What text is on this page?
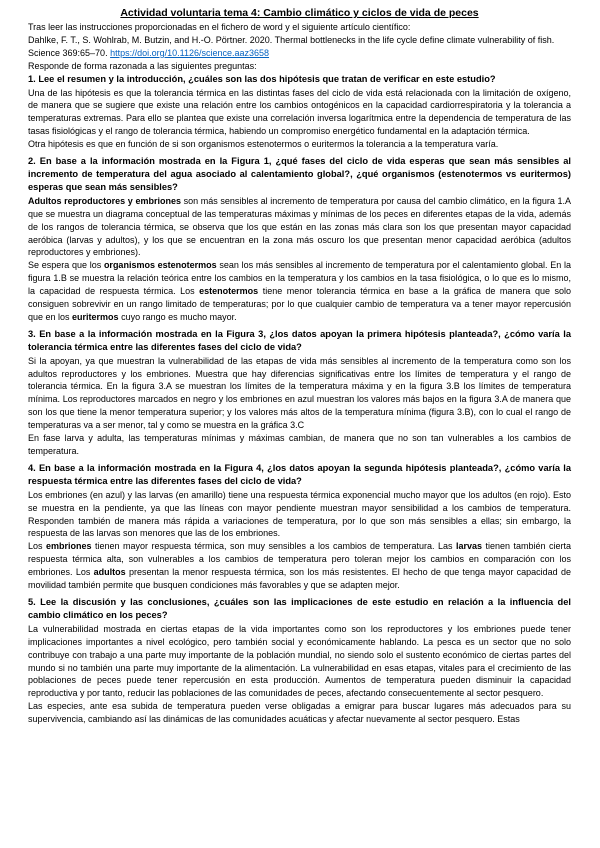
Actividad voluntaria tema 4: Cambio climático y ciclos de vida de peces

Tras leer las instrucciones proporcionadas en el fichero de word y el siguiente artículo científico:

Dahlke, F. T., S. Wohlrab, M. Butzin, and H.-O. Pörtner. 2020. Thermal bottlenecks in the life cycle define climate vulnerability of fish. Science 369:65–70. https://doi.org/10.1126/science.aaz3658

Responde de forma razonada a las siguientes preguntas:

1. Lee el resumen y la introducción, ¿cuáles son las dos hipótesis que tratan de verificar en este estudio?

Una de las hipótesis es que la tolerancia térmica en las distintas fases del ciclo de vida está relacionada con la limitación de oxígeno, de manera que se sugiere que existe una relación entre los cambios ontogénicos en la capacidad cardiorrespiratoria y la tolerancia a temperaturas extremas. Para ello se plantea que existe una correlación inversa logarítmica entre la dependencia de temperatura de las tasas fisiológicas y el rango de tolerancia térmica, habiendo un compromiso energético fundamental en la adaptación térmica.

Otra hipótesis es que en función de si son organismos estenotermos o euritermos la tolerancia a la temperatura varía.

2. En base a la información mostrada en la Figura 1, ¿qué fases del ciclo de vida esperas que sean más sensibles al incremento de temperatura del agua asociado al calentamiento global?, ¿qué organismos (estenotermos vs euritermos) esperas que sean más sensibles?

Adultos reproductores y embriones son más sensibles al incremento de temperatura por causa del cambio climático, en la figura 1.A que se muestra un diagrama conceptual de las temperaturas máximas y mínimas de los peces en diferentes etapas de la vida, además de los rangos de tolerancia térmica, se observa que los que están en las zonas más clara son los que presentan mayor capacidad aeróbica (larvas y adultos), y los que se encuentran en la zona más oscuro los que presentan menor capacidad aeróbica (adultos reproductores y embriones).

Se espera que los organismos estenotermos sean los más sensibles al incremento de temperatura por el calentamiento global. En la figura 1.B se muestra la relación teórica entre los cambios en la temperatura y los cambios en la tasa fisiológica, o lo que es lo mismo, la capacidad de respuesta térmica. Los estenotermos tiene menor tolerancia térmica en base a la gráfica de manera que solo consiguen sobrevivir en un rango limitado de temperaturas; por lo que cualquier cambio de temperatura va a tener mayor repercusión que en los euritermos cuyo rango es mucho mayor.

3. En base a la información mostrada en la Figura 3, ¿los datos apoyan la primera hipótesis planteada?, ¿cómo varía la tolerancia térmica entre las diferentes fases del ciclo de vida?

Si la apoyan, ya que muestran la vulnerabilidad de las etapas de vida más sensibles al incremento de la temperatura como son los adultos reproductores y los embriones. Muestra que hay diferencias significativas entre los límites de temperatura y el rango de tolerancia térmica. En la figura 3.A se muestran los límites de la temperatura máxima y en la figura 3.B los límites de temperatura mínima. Los reproductores marcados en negro y los embriones en azul muestran los valores más bajos en la figura 3.A de manera que son los que tiene la menor temperatura superior; y los valores más altos de la temperatura mínima (figura 3.B), con lo cual el rango de temperaturas va a ser menor, tal y como se muestra en la gráfica 3.C

En fase larva y adulta, las temperaturas mínimas y máximas cambian, de manera que no son tan vulnerables a los cambios de temperatura.

4. En base a la información mostrada en la Figura 4, ¿los datos apoyan la segunda hipótesis planteada?, ¿cómo varía la respuesta térmica entre las diferentes fases del ciclo de vida?

Los embriones (en azul) y las larvas (en amarillo) tiene una respuesta térmica exponencial mucho mayor que los adultos (en rojo). Esto se muestra en la pendiente, ya que las líneas con mayor pendiente muestran mayor sensibilidad a los cambios de temperatura. Responden también de manera más rápida a variaciones de temperatura, por lo que son más sensibles a ellas; sin embargo, la respuesta de las larvas son menores que las de los embriones.

Los embriones tienen mayor respuesta térmica, son muy sensibles a los cambios de temperatura. Las larvas tienen también cierta respuesta térmica alta, son vulnerables a los cambios de temperatura pero toleran mejor los cambios en comparación con los embriones. Los adultos presentan la menor respuesta térmica, son los más resistentes. El hecho de que tenga mayor capacidad de movilidad también permite que busquen condiciones más favorables y que se adapten mejor.

5. Lee la discusión y las conclusiones, ¿cuáles son las implicaciones de este estudio en relación a la influencia del cambio climático en los peces?

La vulnerabilidad mostrada en ciertas etapas de la vida importantes como son los reproductores y los embriones puede tener implicaciones importantes a nivel ecológico, pero también social y económicamente hablando. La pesca es un sector que no solo contribuye con trabajo a una parte muy importante de la población mundial, no siendo solo el sustento económico de ciertas partes del mundo si no también una parte muy importante de la alimentación. La vulnerabilidad en esas etapas, vitales para el crecimiento de las poblaciones de peces puede tener repercusión en esta producción. Aumentos de temperatura pueden disminuir la capacidad reproductiva y por tanto, reducir las poblaciones de las comunidades de peces, afectando consecuentemente al sector pesquero.

Las especies, ante esa subida de temperatura pueden verse obligadas a emigrar para buscar lugares más adecuados para su supervivencia, cambiando así las dinámicas de las comunidades acuáticas y afectar nuevamente al sector pesquero. Estas
